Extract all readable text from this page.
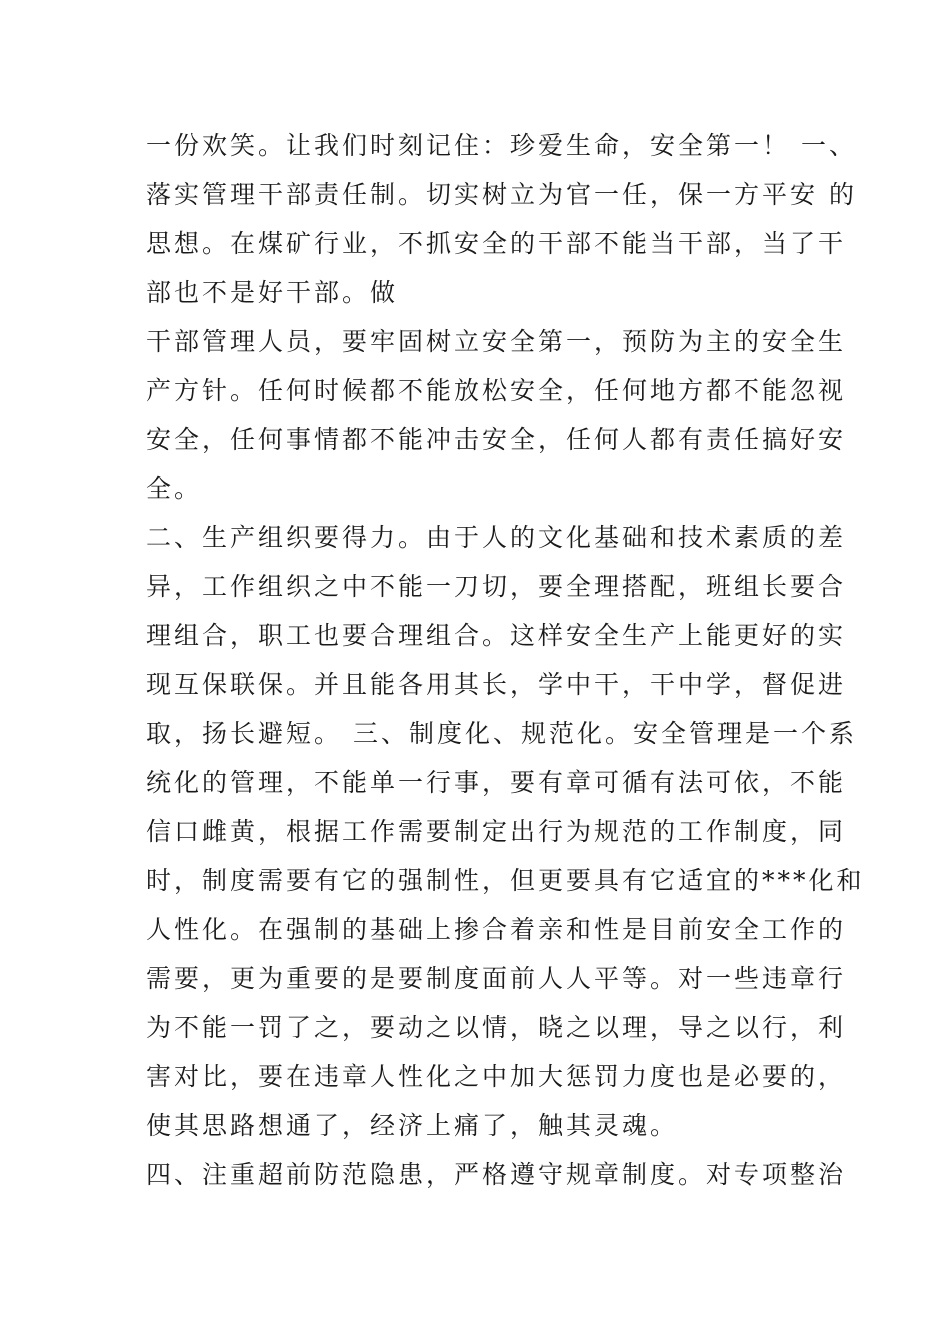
一份欢笑。让我们时刻记住：珍爱生命，安全第一！ 一、
落实管理干部责任制。切实树立为官一任，保一方平安 的
思想。在煤矿行业，不抓安全的干部不能当干部，当了干
部也不是好干部。做
干部管理人员，要牢固树立安全第一，预防为主的安全生
产方针。任何时候都不能放松安全，任何地方都不能忽视
安全，任何事情都不能冲击安全，任何人都有责任搞好安
全。
二、生产组织要得力。由于人的文化基础和技术素质的差
异，工作组织之中不能一刀切，要全理搭配，班组长要合
理组合，职工也要合理组合。这样安全生产上能更好的实
现互保联保。并且能各用其长，学中干，干中学，督促进
取，扬长避短。 三、制度化、规范化。安全管理是一个系
统化的管理，不能单一行事，要有章可循有法可依，不能
信口雌黄，根据工作需要制定出行为规范的工作制度，同
时，制度需要有它的强制性，但更要具有它适宜的***化和
人性化。在强制的基础上掺合着亲和性是目前安全工作的
需要，更为重要的是要制度面前人人平等。对一些违章行
为不能一罚了之，要动之以情，晓之以理，导之以行，利
害对比，要在违章人性化之中加大惩罚力度也是必要的，
使其思路想通了，经济上痛了，触其灵魂。
四、注重超前防范隐患，严格遵守规章制度。对专项整治
